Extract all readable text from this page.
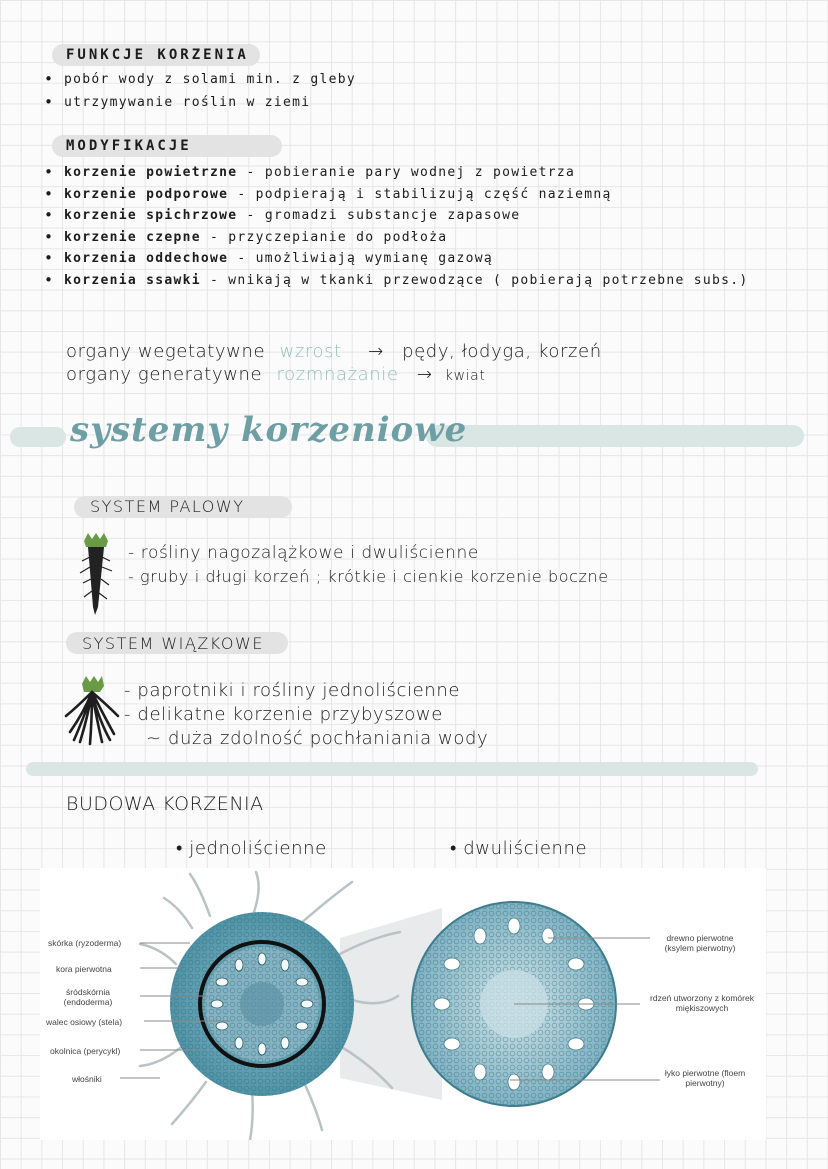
FUNKCJE KORZENIA
• pobór wody z solami min. z gleby
• utrzymywanie roślin w ziemi
MODYFIKACJE
• korzenie powietrzne - pobieranie pary wodnej z powietrza
• korzenie podporowe - podpierają i stabilizują część naziemną
• korzenie spichrzowe - gromadzi substancje zapasowe
• korzenie czepne - przyczepianie do podłoża
• korzenia oddechowe - umożliwiają wymianę gazową
• korzenia ssawki - wnikają w tkanki przewodzące ( pobierają potrzebne subs.)
organy wegetatywne wzrost → pędy, łodyga, korzeń
organy generatywne rozmnażanie → kwiat
systemy korzeniowe
SYSTEM PALOWY
- rośliny nagozalążkowe i dwuliścienne
- gruby i długi korzeń ; krótkie i cienkie korzenie boczne
SYSTEM WIĄZKOWE
- paprotniki i rośliny jednoliścienne
- delikatne korzenie przybyszowe
~ duża zdolność pochłaniania wody
BUDOWA KORZENIA
• jednoliścienne	• dwuliścienne
skórka (ryzoderma)
kora pierwotna
śródskórnia (endoderma)
walec osiowy (stela)
okolnica (perycykl)
włośniki
drewno pierwotne (ksylem pierwotny)
rdzeń utworzony z komórek miękiszowych
łyko pierwotne (floem pierwotny)
